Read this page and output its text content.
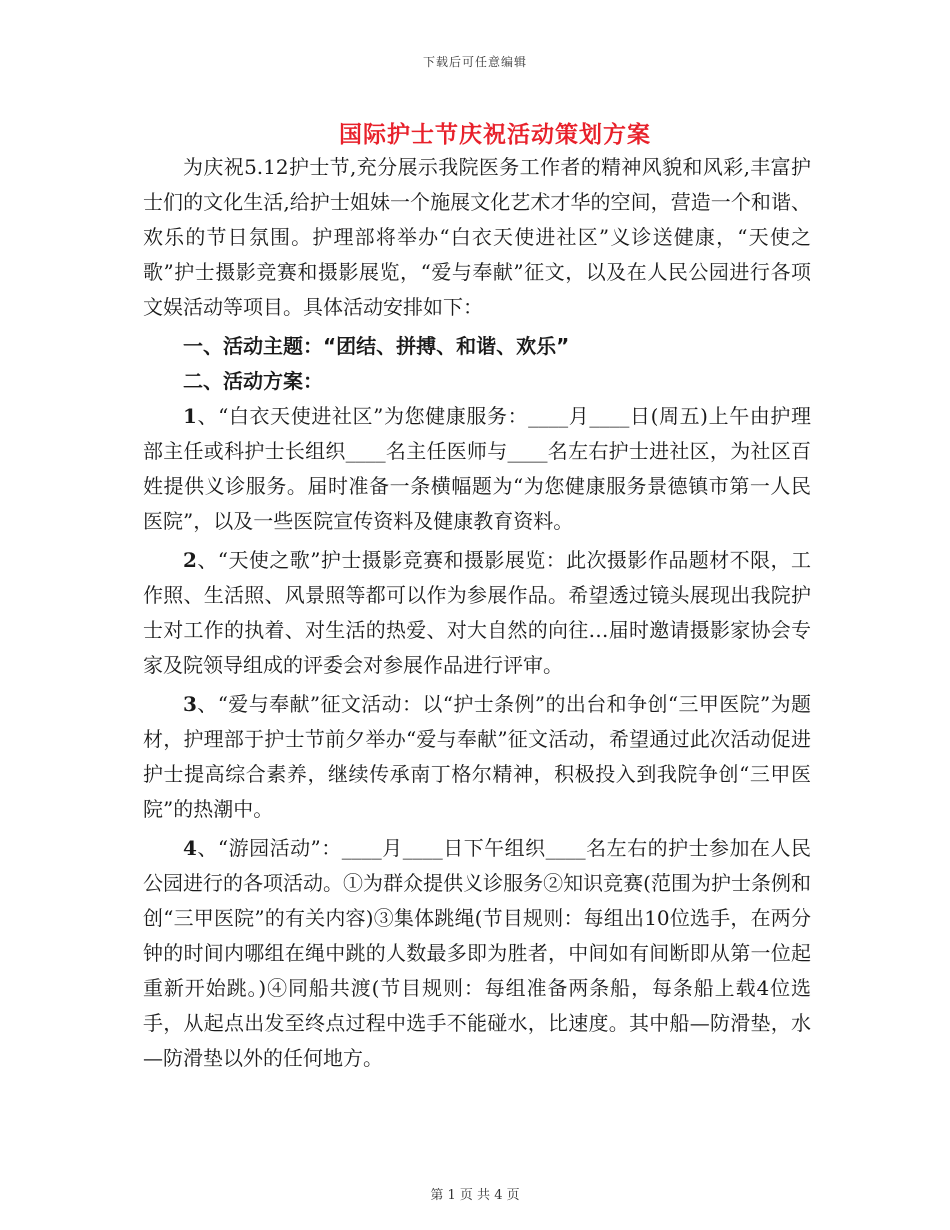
下载后可任意编辑
国际护士节庆祝活动策划方案

为庆祝5.12护士节,充分展示我院医务工作者的精神风貌和风彩,丰富护士们的文化生活,给护士姐妹一个施展文化艺术才华的空间，营造一个和谐、欢乐的节日氛围。护理部将举办“白衣天使进社区”义诊送健康，“天使之歌”护士摄影竞赛和摄影展览，“爱与奉献”征文，以及在人民公园进行各项文娱活动等项目。具体活动安排如下：

一、活动主题：“团结、拼搏、和谐、欢乐”

二、活动方案：

1、“白衣天使进社区”为您健康服务：____月____日(周五)上午由护理部主任或科护士长组织____名主任医师与____名左右护士进社区，为社区百姓提供义诊服务。届时准备一条横幅题为“为您健康服务景德镇市第一人民医院”，以及一些医院宣传资料及健康教育资料。

2、“天使之歌”护士摄影竞赛和摄影展览：此次摄影作品题材不限，工作照、生活照、风景照等都可以作为参展作品。希望透过镜头展现出我院护士对工作的执着、对生活的热爱、对大自然的向往…届时邀请摄影家协会专家及院领导组成的评委会对参展作品进行评审。

3、“爱与奉献”征文活动：以“护士条例”的出台和争创“三甲医院”为题材，护理部于护士节前夕举办“爱与奉献”征文活动，希望通过此次活动促进护士提高综合素养，继续传承南丁格尔精神，积极投入到我院争创“三甲医院”的热潮中。

4、“游园活动”：____月____日下午组织____名左右的护士参加在人民公园进行的各项活动。①为群众提供义诊服务②知识竞赛(范围为护士条例和创“三甲医院”的有关内容)③集体跳绳(节目规则：每组出10位选手，在两分钟的时间内哪组在绳中跳的人数最多即为胜者，中间如有间断即从第一位起重新开始跳。)④同船共渡(节目规则：每组准备两条船，每条船上载4位选手，从起点出发至终点过程中选手不能碰水，比速度。其中船—防滑垫，水—防滑垫以外的任何地方。

第 1 页 共 4 页
